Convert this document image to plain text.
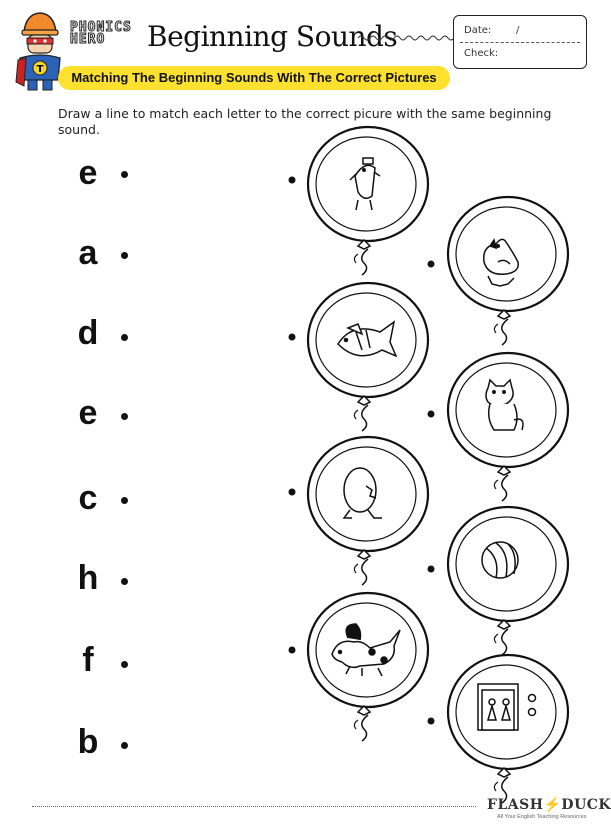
T
PHONICS
HERO	Beginning Sounds	Date: /
Check:
Matching The Beginning Sounds With The Correct Pictures
Draw a line to match each letter to the correct picure with the same beginning sound.
e
a
d
e
c
h
f
b
FLASH⚡DUCK
All Your English Teaching Resources
